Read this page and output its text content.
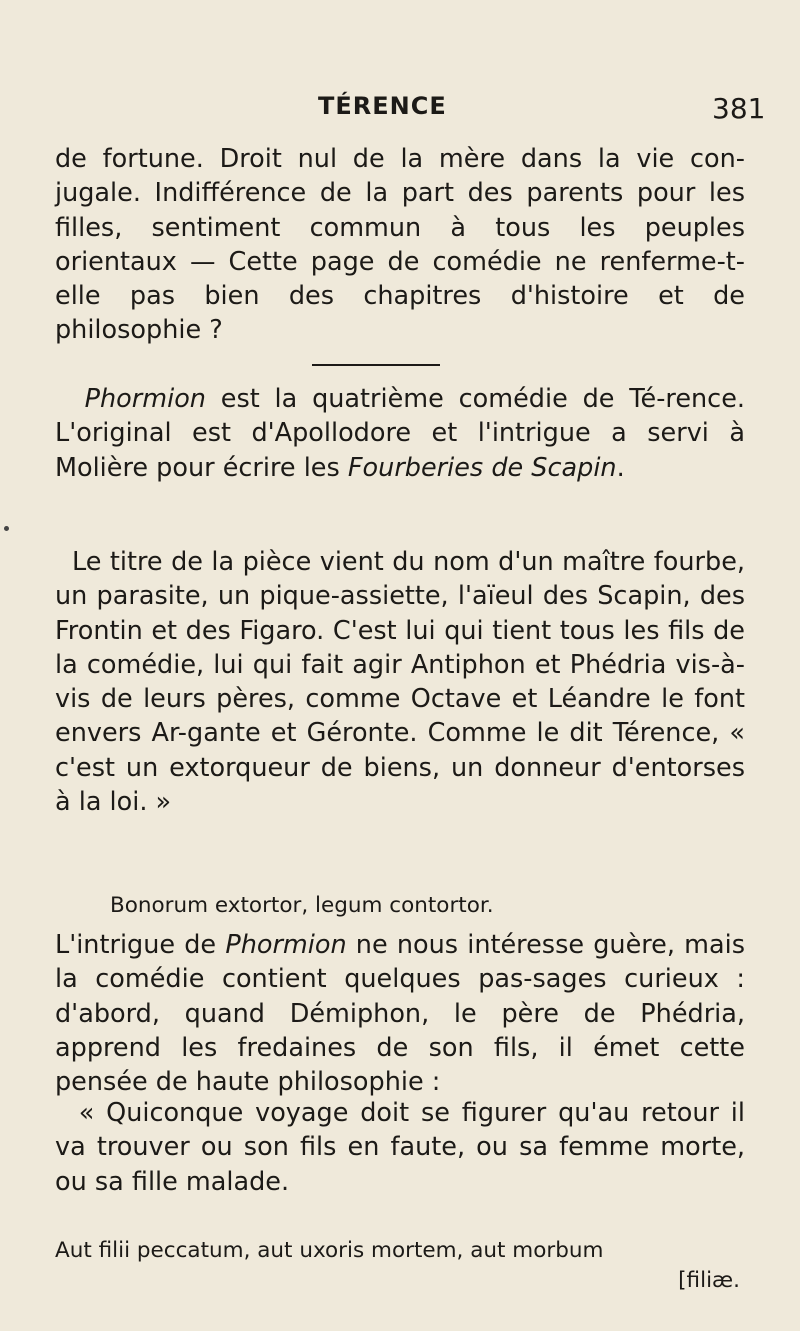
TÉRENCE	381

de fortune. Droit nul de la mère dans la vie con-jugale. Indifférence de la part des parents pour les filles, sentiment commun à tous les peuples orientaux — Cette page de comédie ne renferme-t-elle pas bien des chapitres d'histoire et de philosophie ?

Phormion est la quatrième comédie de Té-rence. L'original est d'Apollodore et l'intrigue a servi à Molière pour écrire les Fourberies de Scapin.

Le titre de la pièce vient du nom d'un maître fourbe, un parasite, un pique-assiette, l'aïeul des Scapin, des Frontin et des Figaro. C'est lui qui tient tous les fils de la comédie, lui qui fait agir Antiphon et Phédria vis-à-vis de leurs pères, comme Octave et Léandre le font envers Ar-gante et Géronte. Comme le dit Térence, « c'est un extorqueur de biens, un donneur d'entorses à la loi. »

Bonorum extortor, legum contortor.

L'intrigue de Phormion ne nous intéresse guère, mais la comédie contient quelques pas-sages curieux : d'abord, quand Démiphon, le père de Phédria, apprend les fredaines de son fils, il émet cette pensée de haute philosophie :

« Quiconque voyage doit se figurer qu'au retour il va trouver ou son fils en faute, ou sa femme morte, ou sa fille malade.

Aut filii peccatum, aut uxoris mortem, aut morbum
[filiæ.
